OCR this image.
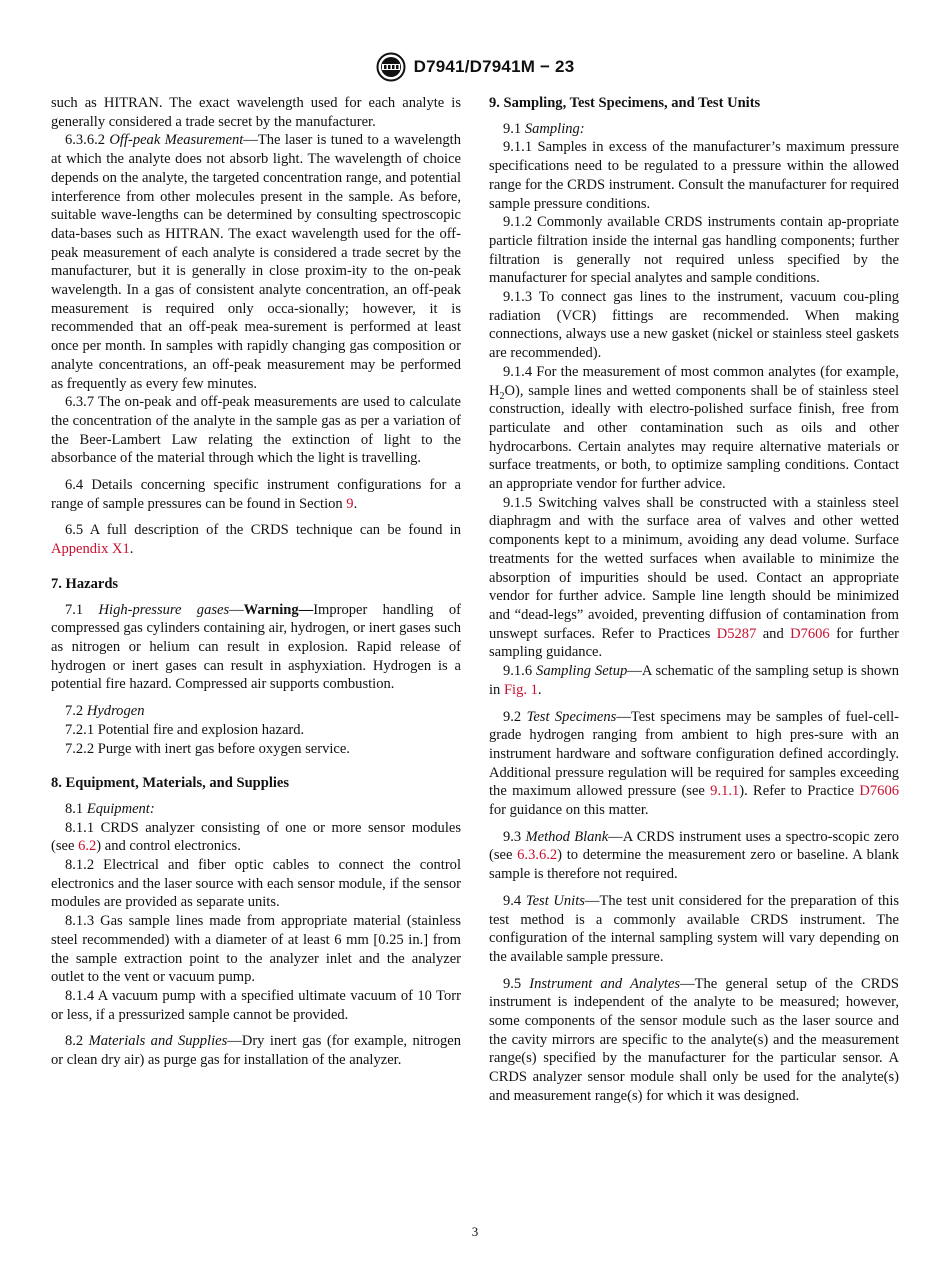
D7941/D7941M − 23

such as HITRAN. The exact wavelength used for each analyte is generally considered a trade secret by the manufacturer.

6.3.6.2 Off-peak Measurement—The laser is tuned to a wavelength at which the analyte does not absorb light. The wavelength of choice depends on the analyte, the targeted concentration range, and potential interference from other molecules present in the sample. As before, suitable wave-lengths can be determined by consulting spectroscopic data-bases such as HITRAN. The exact wavelength used for the off-peak measurement of each analyte is considered a trade secret by the manufacturer, but it is generally in close proxim-ity to the on-peak wavelength. In a gas of consistent analyte concentration, an off-peak measurement is required only occa-sionally; however, it is recommended that an off-peak mea-surement is performed at least once per month. In samples with rapidly changing gas composition or analyte concentrations, an off-peak measurement may be performed as frequently as every few minutes.

6.3.7 The on-peak and off-peak measurements are used to calculate the concentration of the analyte in the sample gas as per a variation of the Beer-Lambert Law relating the extinction of light to the absorbance of the material through which the light is travelling.

6.4 Details concerning specific instrument configurations for a range of sample pressures can be found in Section 9.

6.5 A full description of the CRDS technique can be found in Appendix X1.

7. Hazards

7.1 High-pressure gases—Warning—Improper handling of compressed gas cylinders containing air, hydrogen, or inert gases such as nitrogen or helium can result in explosion. Rapid release of hydrogen or inert gases can result in asphyxiation. Hydrogen is a potential fire hazard. Compressed air supports combustion.

7.2 Hydrogen

7.2.1 Potential fire and explosion hazard.

7.2.2 Purge with inert gas before oxygen service.

8. Equipment, Materials, and Supplies

8.1 Equipment:

8.1.1 CRDS analyzer consisting of one or more sensor modules (see 6.2) and control electronics.

8.1.2 Electrical and fiber optic cables to connect the control electronics and the laser source with each sensor module, if the sensor modules are provided as separate units.

8.1.3 Gas sample lines made from appropriate material (stainless steel recommended) with a diameter of at least 6 mm [0.25 in.] from the sample extraction point to the analyzer inlet and the analyzer outlet to the vent or vacuum pump.

8.1.4 A vacuum pump with a specified ultimate vacuum of 10 Torr or less, if a pressurized sample cannot be provided.

8.2 Materials and Supplies—Dry inert gas (for example, nitrogen or clean dry air) as purge gas for installation of the analyzer.

9. Sampling, Test Specimens, and Test Units

9.1 Sampling:

9.1.1 Samples in excess of the manufacturer’s maximum pressure specifications need to be regulated to a pressure within the allowed range for the CRDS instrument. Consult the manufacturer for required sample pressure conditions.

9.1.2 Commonly available CRDS instruments contain ap-propriate particle filtration inside the internal gas handling components; further filtration is generally not required unless specified by the manufacturer for special analytes and sample conditions.

9.1.3 To connect gas lines to the instrument, vacuum cou-pling radiation (VCR) fittings are recommended. When making connections, always use a new gasket (nickel or stainless steel gaskets are recommended).

9.1.4 For the measurement of most common analytes (for example, $H_2O$), sample lines and wetted components shall be of stainless steel construction, ideally with electro-polished surface finish, free from particulate and other contamination such as oils and other hydrocarbons. Certain analytes may require alternative materials or surface treatments, or both, to optimize sampling conditions. Contact an appropriate vendor for further advice.

9.1.5 Switching valves shall be constructed with a stainless steel diaphragm and with the surface area of valves and other wetted components kept to a minimum, avoiding any dead volume. Surface treatments for the wetted surfaces when available to minimize the absorption of impurities should be used. Contact an appropriate vendor for further advice. Sample line length should be minimized and “dead-legs” avoided, preventing diffusion of contamination from unswept surfaces. Refer to Practices D5287 and D7606 for further sampling guidance.

9.1.6 Sampling Setup—A schematic of the sampling setup is shown in Fig. 1.

9.2 Test Specimens—Test specimens may be samples of fuel-cell-grade hydrogen ranging from ambient to high pres-sure with an instrument hardware and software configuration defined accordingly. Additional pressure regulation will be required for samples exceeding the maximum allowed pressure (see 9.1.1). Refer to Practice D7606 for guidance on this matter.

9.3 Method Blank—A CRDS instrument uses a spectro-scopic zero (see 6.3.6.2) to determine the measurement zero or baseline. A blank sample is therefore not required.

9.4 Test Units—The test unit considered for the preparation of this test method is a commonly available CRDS instrument. The configuration of the internal sampling system will vary depending on the available sample pressure.

9.5 Instrument and Analytes—The general setup of the CRDS instrument is independent of the analyte to be measured; however, some components of the sensor module such as the laser source and the cavity mirrors are specific to the analyte(s) and the measurement range(s) specified by the manufacturer for the particular sensor. A CRDS analyzer sensor module shall only be used for the analyte(s) and measurement range(s) for which it was designed.

3
